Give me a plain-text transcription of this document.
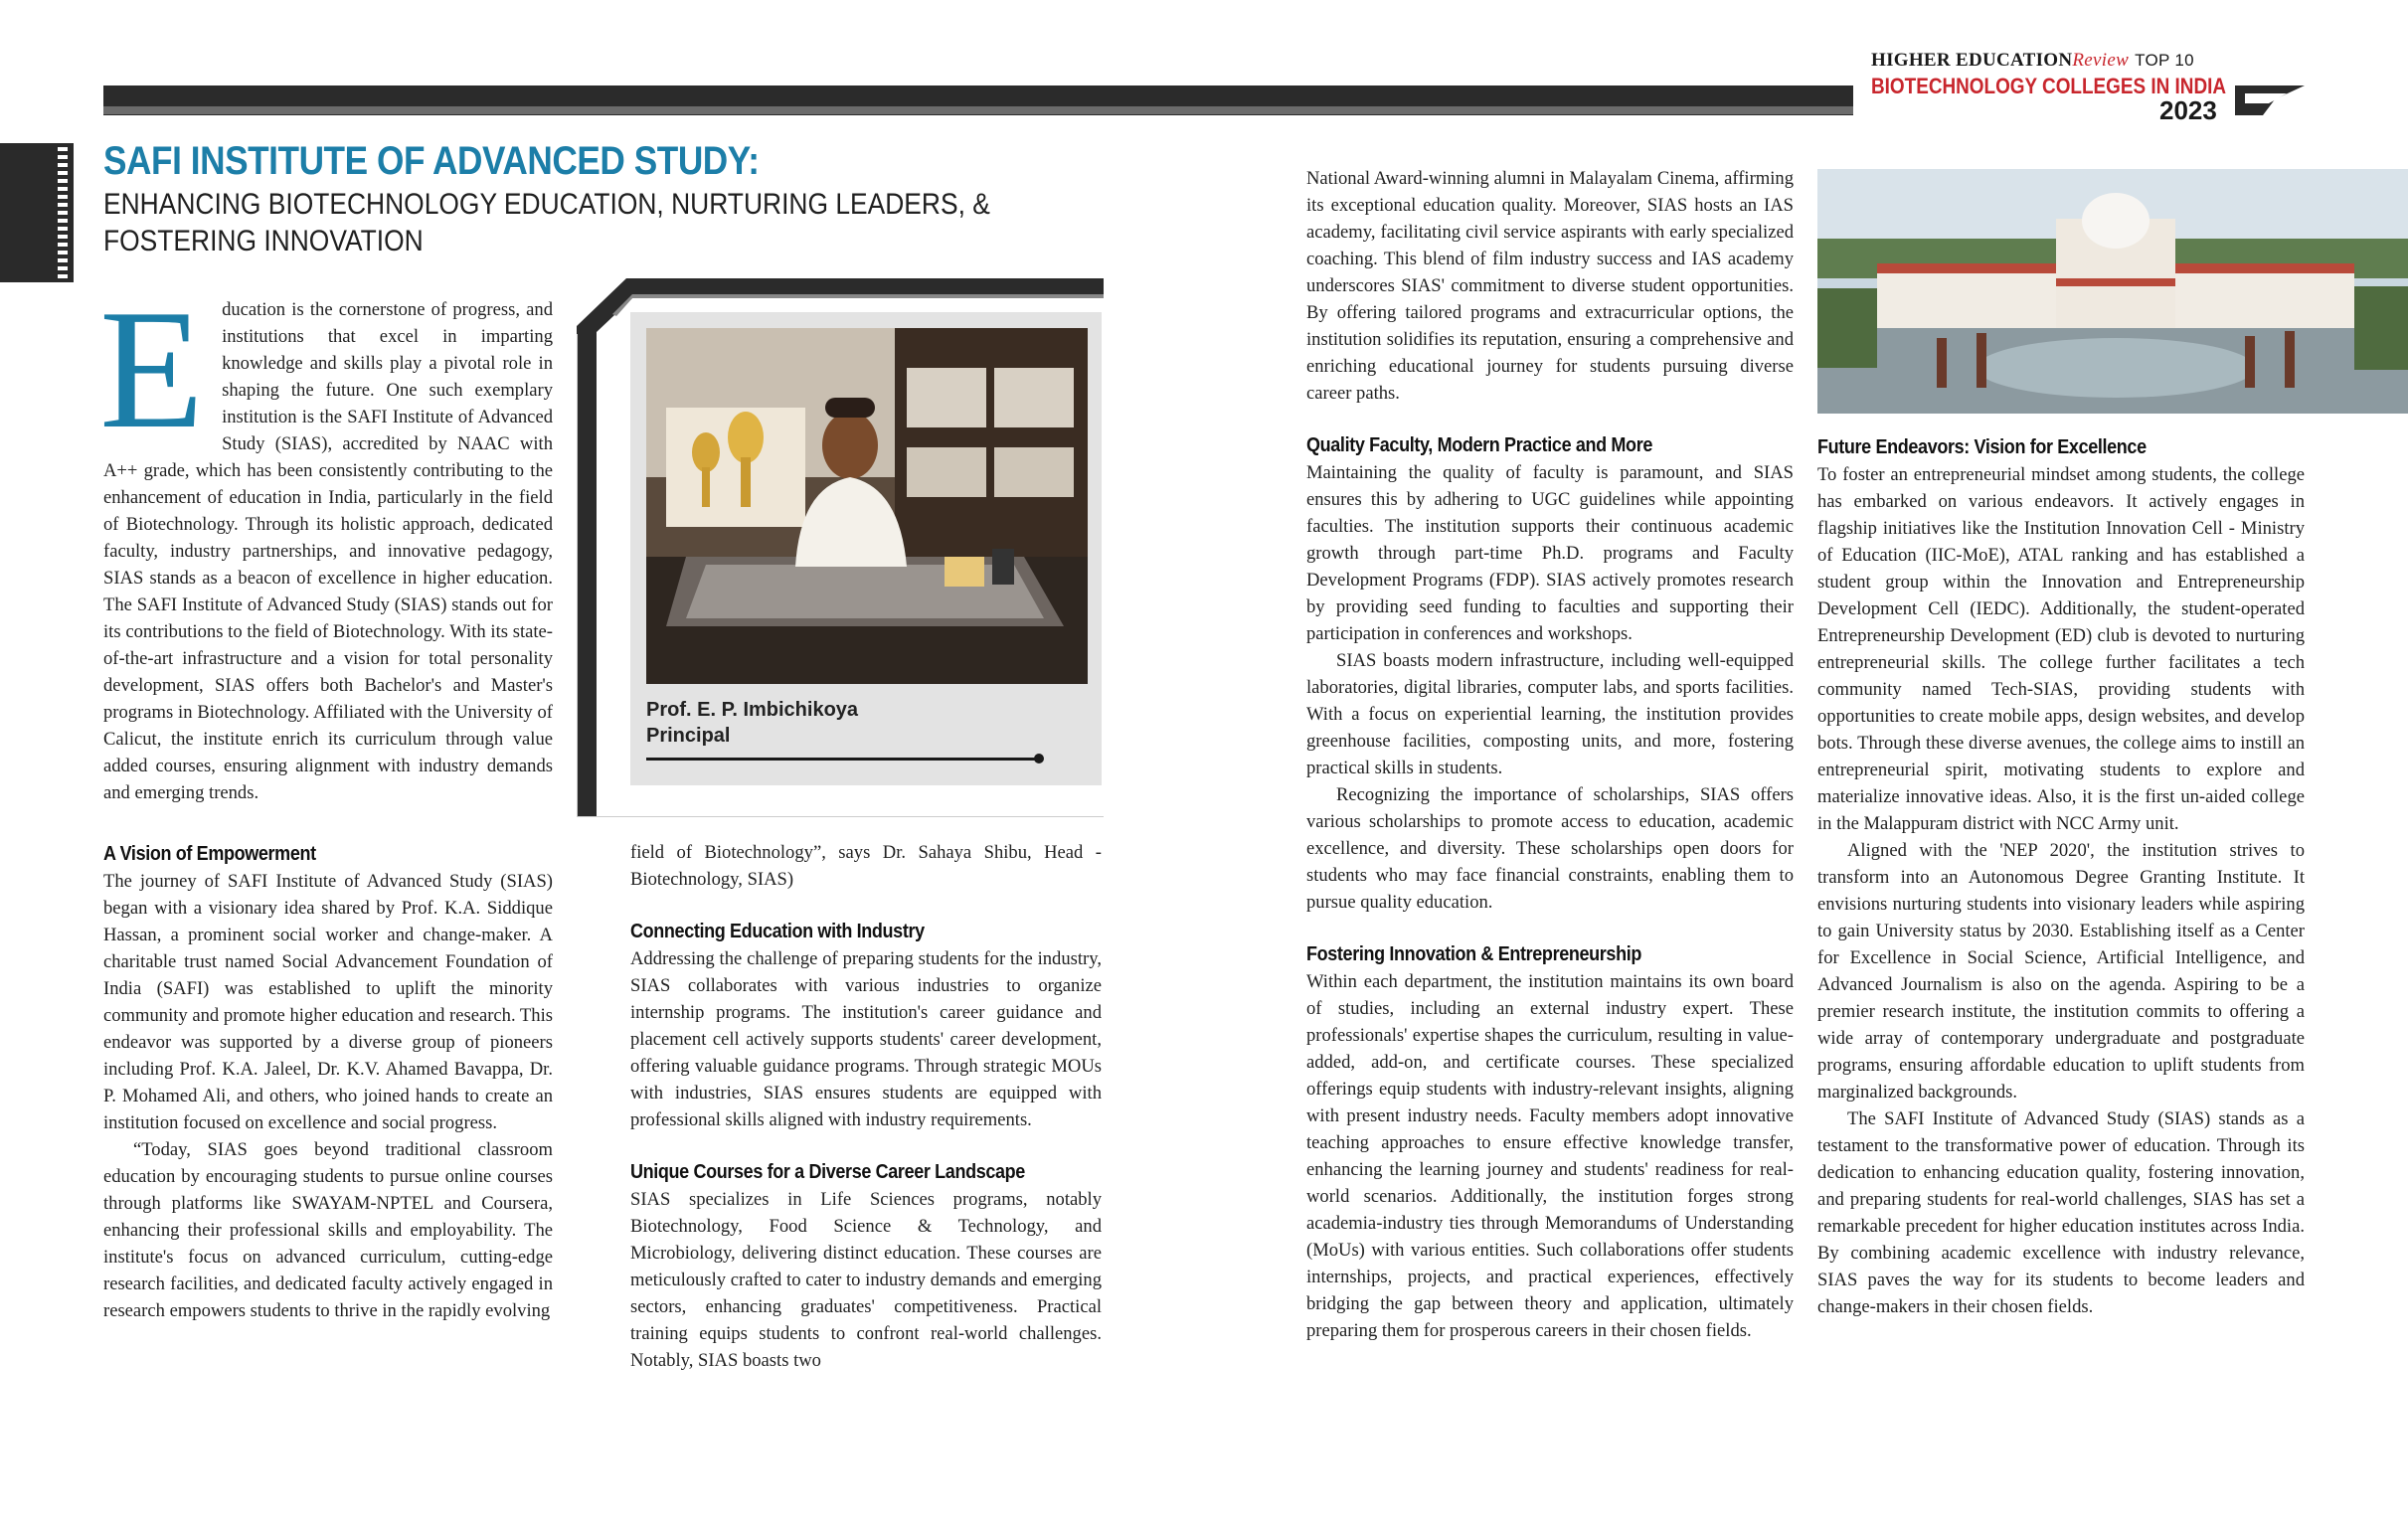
HIGHER EDUCATIONReview TOP 10
BIOTECHNOLOGY COLLEGES IN INDIA
2023
SAFI INSTITUTE OF ADVANCED STUDY:
ENHANCING BIOTECHNOLOGY EDUCATION, NURTURING LEADERS, & FOSTERING INNOVATION

Education is the cornerstone of progress, and institutions that excel in imparting knowledge and skills play a pivotal role in shaping the future. One such exemplary institution is the SAFI Institute of Advanced Study (SIAS), accredited by NAAC with A++ grade, which has been consistently contributing to the enhancement of education in India, particularly in the field of Biotechnology. Through its holistic approach, dedicated faculty, industry partnerships, and innovative pedagogy, SIAS stands as a beacon of excellence in higher education. The SAFI Institute of Advanced Study (SIAS) stands out for its contributions to the field of Biotechnology. With its state-of-the-art infrastructure and a vision for total personality development, SIAS offers both Bachelor's and Master's programs in Biotechnology. Affiliated with the University of Calicut, the institute enrich its curriculum through value added courses, ensuring alignment with industry demands and emerging trends.

A Vision of Empowerment

The journey of SAFI Institute of Advanced Study (SIAS) began with a visionary idea shared by Prof. K.A. Siddique Hassan, a prominent social worker and change-maker. A charitable trust named Social Advancement Foundation of India (SAFI) was established to uplift the minority community and promote higher education and research. This endeavor was supported by a diverse group of pioneers including Prof. K.A. Jaleel, Dr. K.V. Ahamed Bavappa, Dr. P. Mohamed Ali, and others, who joined hands to create an institution focused on excellence and social progress.

“Today, SIAS goes beyond traditional classroom education by encouraging students to pursue online courses through platforms like SWAYAM-NPTEL and Coursera, enhancing their professional skills and employability. The institute's focus on advanced curriculum, cutting-edge research facilities, and dedicated faculty actively engaged in research empowers students to thrive in the rapidly evolving

Prof. E. P. Imbichikoya
Principal

field of Biotechnology”, says Dr. Sahaya Shibu, Head - Biotechnology, SIAS)

Connecting Education with Industry

Addressing the challenge of preparing students for the industry, SIAS collaborates with various industries to organize internship programs. The institution's career guidance and placement cell actively supports students' career development, offering valuable guidance programs. Through strategic MOUs with industries, SIAS ensures students are equipped with professional skills aligned with industry requirements.

Unique Courses for a Diverse Career Landscape

SIAS specializes in Life Sciences programs, notably Biotechnology, Food Science & Technology, and Microbiology, delivering distinct education. These courses are meticulously crafted to cater to industry demands and emerging sectors, enhancing graduates' competitiveness. Practical training equips students to confront real-world challenges. Notably, SIAS boasts two

National Award-winning alumni in Malayalam Cinema, affirming its exceptional education quality. Moreover, SIAS hosts an IAS academy, facilitating civil service aspirants with early specialized coaching. This blend of film industry success and IAS academy underscores SIAS' commitment to diverse student opportunities. By offering tailored programs and extracurricular options, the institution solidifies its reputation, ensuring a comprehensive and enriching educational journey for students pursuing diverse career paths.

Quality Faculty, Modern Practice and More

Maintaining the quality of faculty is paramount, and SIAS ensures this by adhering to UGC guidelines while appointing faculties. The institution supports their continuous academic growth through part-time Ph.D. programs and Faculty Development Programs (FDP). SIAS actively promotes research by providing seed funding to faculties and supporting their participation in conferences and workshops.

SIAS boasts modern infrastructure, including well-equipped laboratories, digital libraries, computer labs, and sports facilities. With a focus on experiential learning, the institution provides greenhouse facilities, composting units, and more, fostering practical skills in students.

Recognizing the importance of scholarships, SIAS offers various scholarships to promote access to education, academic excellence, and diversity. These scholarships open doors for students who may face financial constraints, enabling them to pursue quality education.

Fostering Innovation & Entrepreneurship

Within each department, the institution maintains its own board of studies, including an external industry expert. These professionals' expertise shapes the curriculum, resulting in value-added, add-on, and certificate courses. These specialized offerings equip students with industry-relevant insights, aligning with present industry needs. Faculty members adopt innovative teaching approaches to ensure effective knowledge transfer, enhancing the learning journey and students' readiness for real-world scenarios. Additionally, the institution forges strong academia-industry ties through Memorandums of Understanding (MoUs) with various entities. Such collaborations offer students internships, projects, and practical experiences, effectively bridging the gap between theory and application, ultimately preparing them for prosperous careers in their chosen fields.

Future Endeavors: Vision for Excellence

To foster an entrepreneurial mindset among students, the college has embarked on various endeavors. It actively engages in flagship initiatives like the Institution Innovation Cell - Ministry of Education (IIC-MoE), ATAL ranking and has established a student group within the Innovation and Entrepreneurship Development Cell (IEDC). Additionally, the student-operated Entrepreneurship Development (ED) club is devoted to nurturing entrepreneurial skills. The college further facilitates a tech community named Tech-SIAS, providing students with opportunities to create mobile apps, design websites, and develop bots. Through these diverse avenues, the college aims to instill an entrepreneurial spirit, motivating students to explore and materialize innovative ideas. Also, it is the first un-aided college in the Malappuram district with NCC Army unit.

Aligned with the 'NEP 2020', the institution strives to transform into an Autonomous Degree Granting Institute. It envisions nurturing students into visionary leaders while aspiring to gain University status by 2030. Establishing itself as a Center for Excellence in Social Science, Artificial Intelligence, and Advanced Journalism is also on the agenda. Aspiring to be a premier research institute, the institution commits to offering a wide array of contemporary undergraduate and postgraduate programs, ensuring affordable education to uplift students from marginalized backgrounds.

The SAFI Institute of Advanced Study (SIAS) stands as a testament to the transformative power of education. Through its dedication to enhancing education quality, fostering innovation, and preparing students for real-world challenges, SIAS has set a remarkable precedent for higher education institutes across India. By combining academic excellence with industry relevance, SIAS paves the way for its students to become leaders and change-makers in their chosen fields.
